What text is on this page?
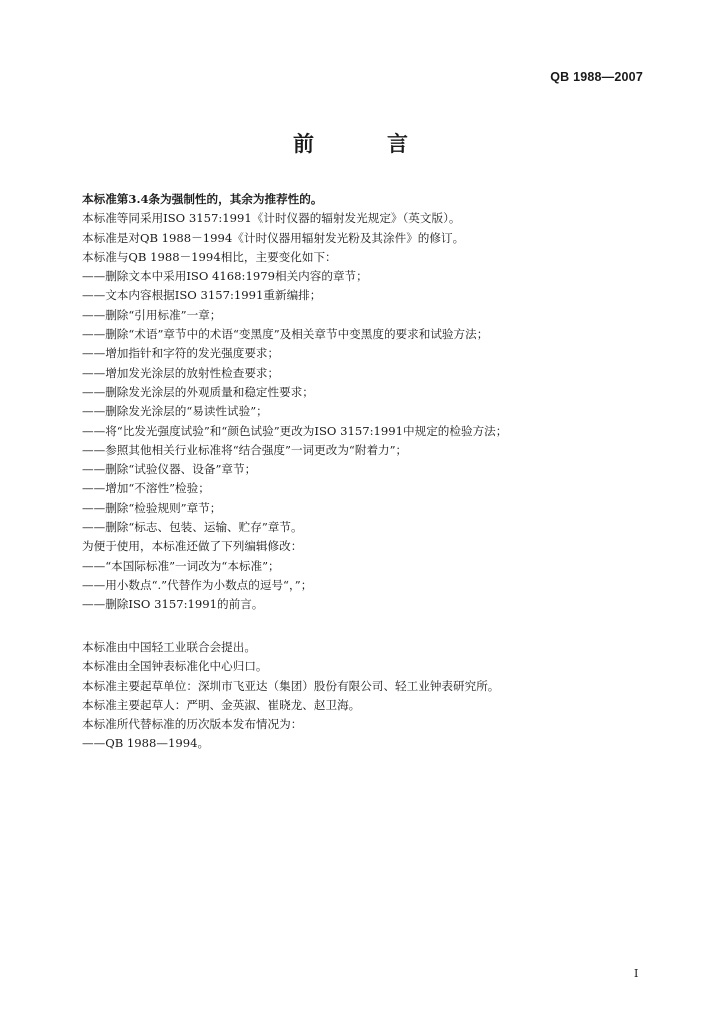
QB 1988—2007
前　言
本标准第3.4条为强制性的，其余为推荐性的。
本标准等同采用ISO 3157:1991《计时仪器的辐射发光规定》（英文版）。
本标准是对QB 1988－1994《计时仪器用辐射发光粉及其涂件》的修订。
本标准与QB 1988－1994相比，主要变化如下：
——删除文本中采用ISO 4168:1979相关内容的章节；
——文本内容根据ISO 3157:1991重新编排；
——删除“引用标准”一章；
——删除“术语”章节中的术语“变黑度”及相关章节中变黑度的要求和试验方法；
——增加指针和字符的发光强度要求；
——增加发光涂层的放射性检查要求；
——删除发光涂层的外观质量和稳定性要求；
——删除发光涂层的“易读性试验”；
——将“比发光强度试验”和“颜色试验”更改为ISO 3157:1991中规定的检验方法；
——参照其他相关行业标准将“结合强度”一词更改为“附着力”；
——删除“试验仪器、设备”章节；
——增加“不溶性”检验；
——删除“检验规则”章节；
——删除“标志、包装、运输、贮存”章节。
为便于使用，本标准还做了下列编辑修改：
——“本国际标准”一词改为“本标准”；
——用小数点“.”代替作为小数点的逗号“，”；
——删除ISO 3157:1991的前言。
本标准由中国轻工业联合会提出。
本标准由全国钟表标准化中心归口。
本标准主要起草单位：深圳市飞亚达（集团）股份有限公司、轻工业钟表研究所。
本标准主要起草人：严明、金英淑、崔晓龙、赵卫海。
本标准所代替标准的历次版本发布情况为：
——QB 1988—1994。
I
